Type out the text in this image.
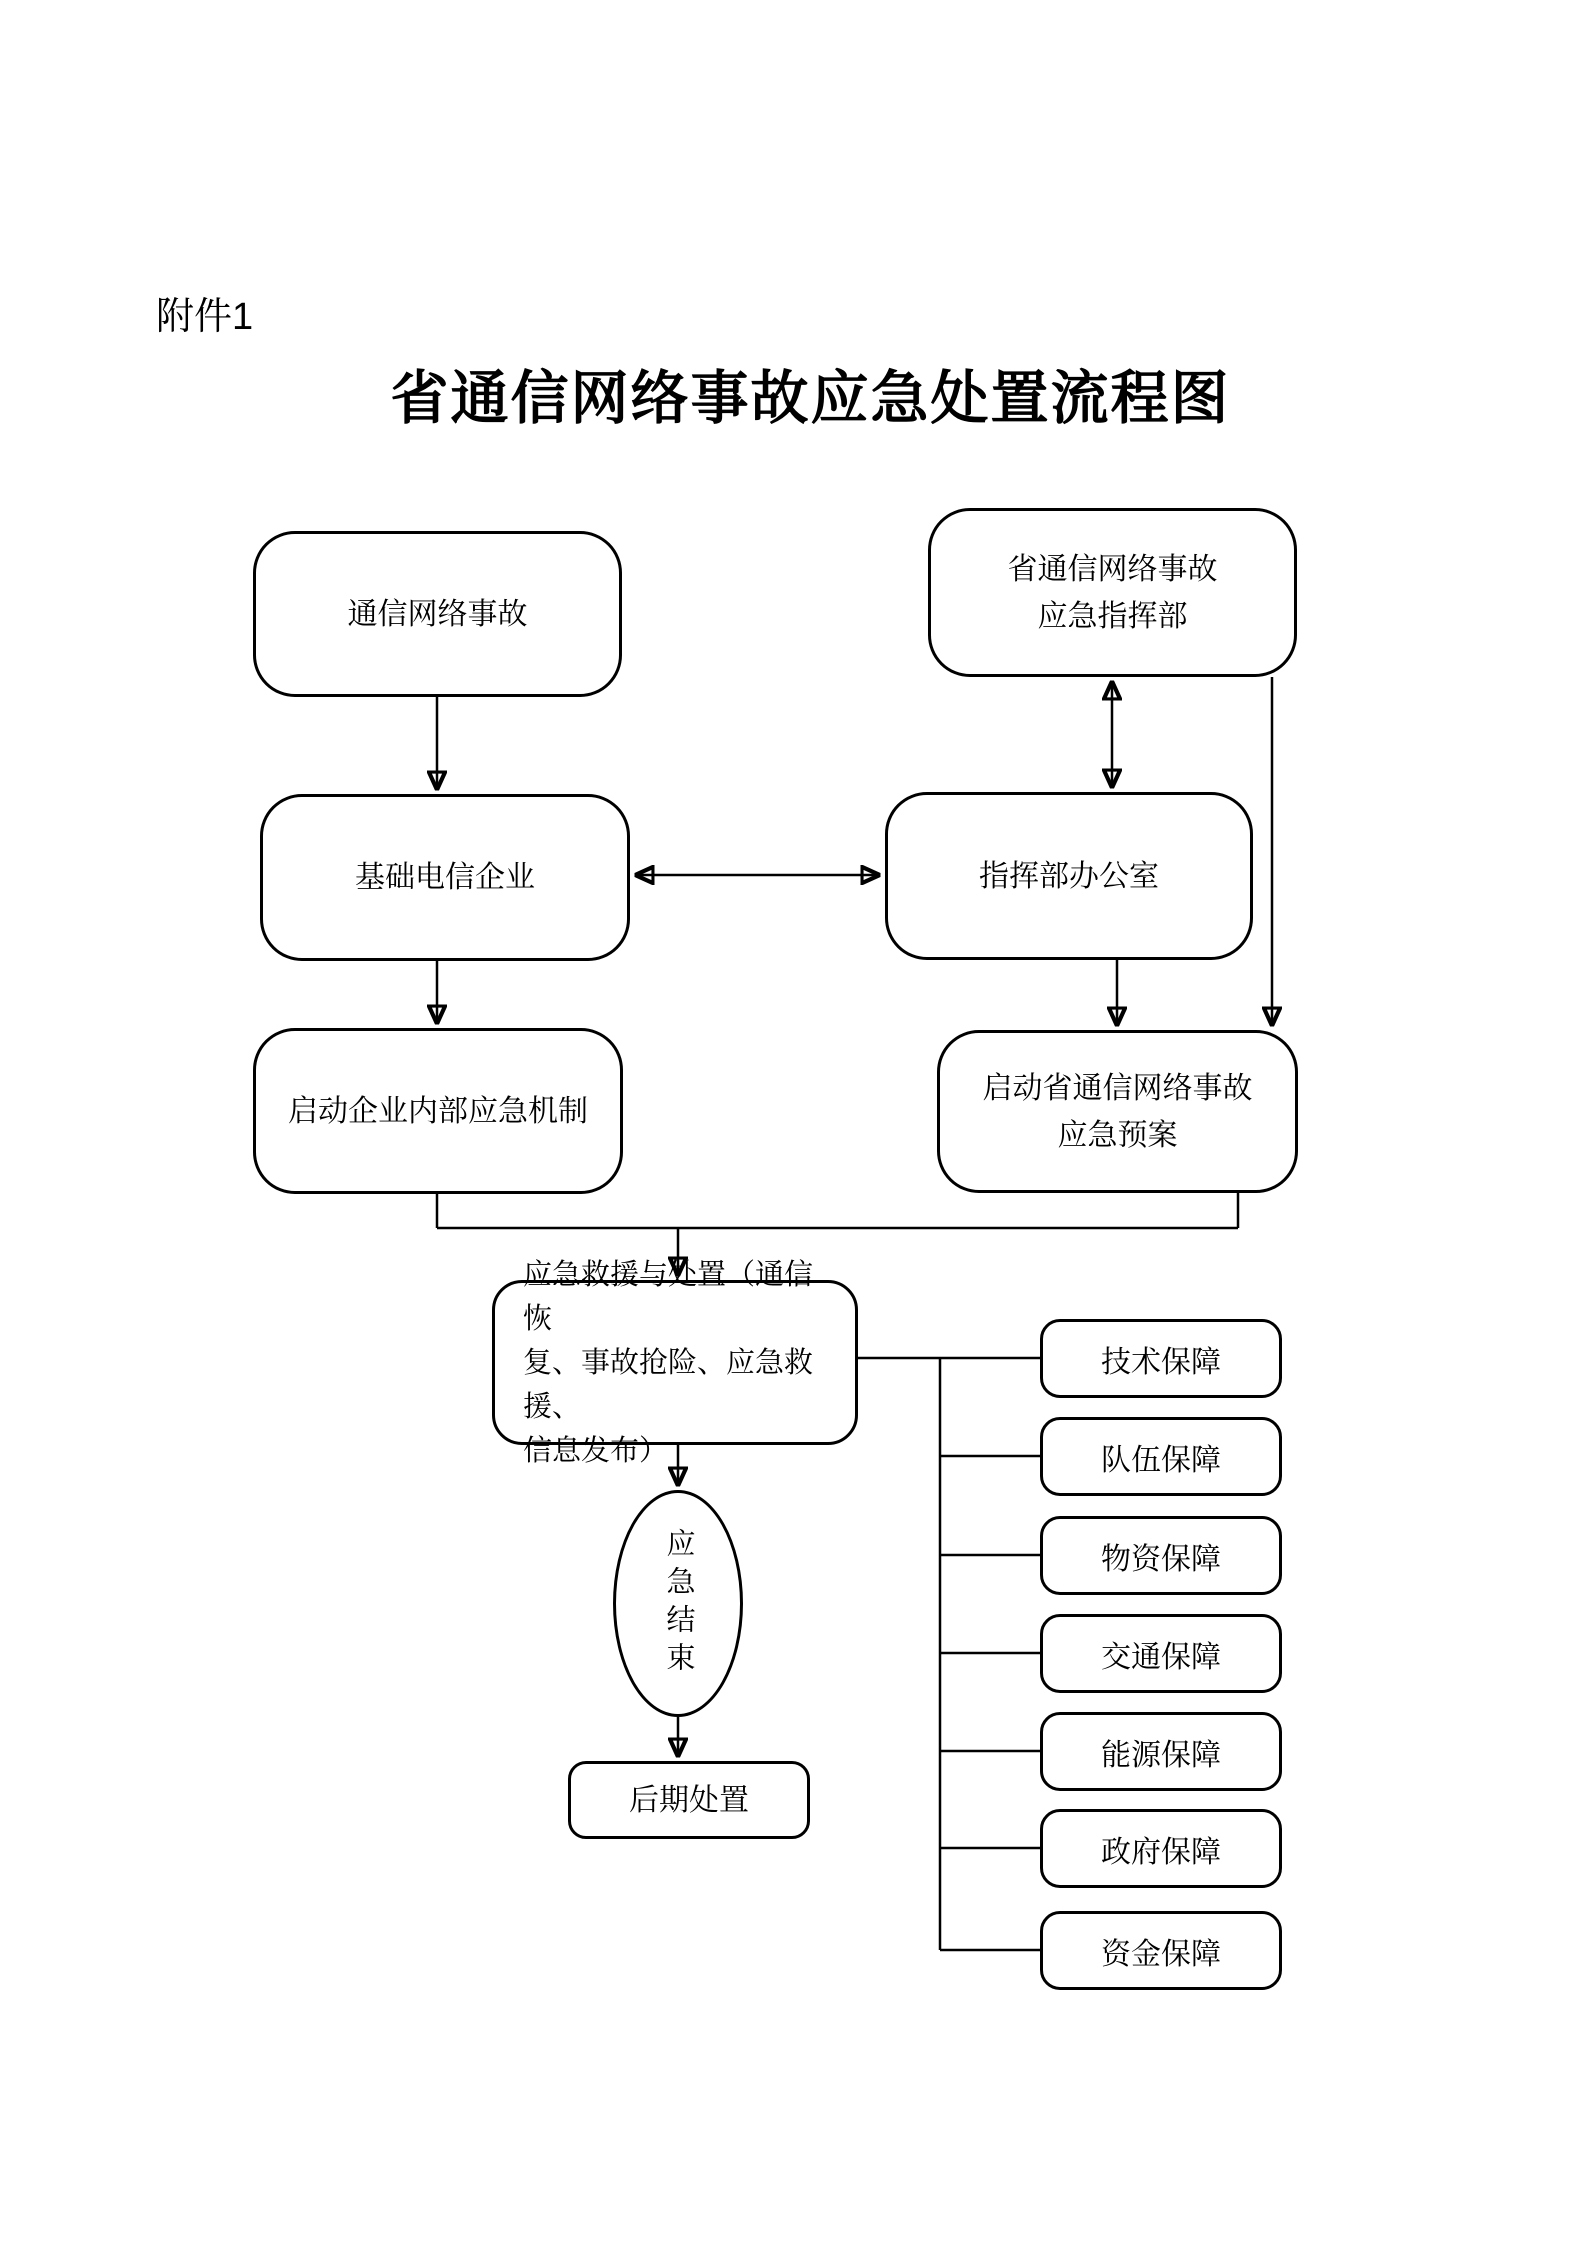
附件1
省通信网络事故应急处置流程图
通信网络事故
省通信网络事故
应急指挥部
基础电信企业	指挥部办公室
启动企业内部应急机制
启动省通信网络事故
应急预案
应急救援与处置（通信恢
复、事故抢险、应急救援、
信息发布）
应急结束
后期处置
技术保障
队伍保障
物资保障
交通保障
能源保障
政府保障
资金保障
